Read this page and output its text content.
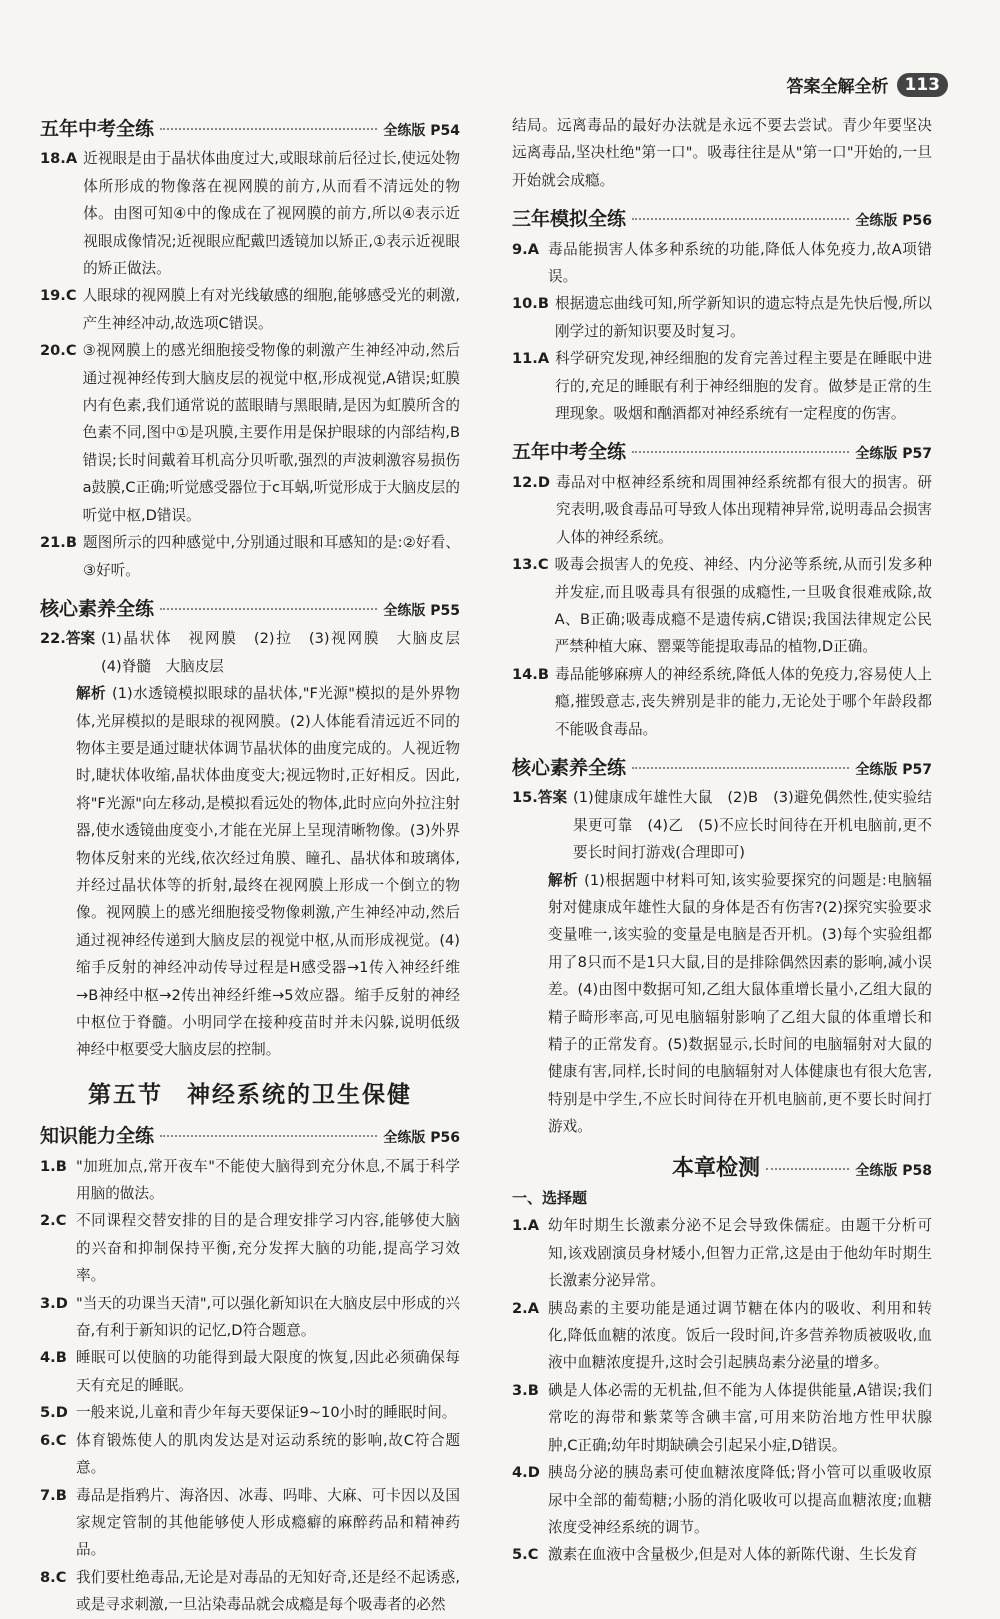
答案全解全析 113
五年中考全练	全练版 P54
18.A 近视眼是由于晶状体曲度过大,或眼球前后径过长,使远处物体所形成的物像落在视网膜的前方,从而看不清远处的物体。由图可知④中的像成在了视网膜的前方,所以④表示近视眼成像情况;近视眼应配戴凹透镜加以矫正,①表示近视眼的矫正做法。
19.C 人眼球的视网膜上有对光线敏感的细胞,能够感受光的刺激,产生神经冲动,故选项C错误。
20.C ③视网膜上的感光细胞接受物像的刺激产生神经冲动,然后通过视神经传到大脑皮层的视觉中枢,形成视觉,A错误;虹膜内有色素,我们通常说的蓝眼睛与黑眼睛,是因为虹膜所含的色素不同,图中①是巩膜,主要作用是保护眼球的内部结构,B错误;长时间戴着耳机高分贝听歌,强烈的声波刺激容易损伤a鼓膜,C正确;听觉感受器位于c耳蜗,听觉形成于大脑皮层的听觉中枢,D错误。
21.B 题图所示的四种感觉中,分别通过眼和耳感知的是:②好看、③好听。
核心素养全练	全练版 P55
22.答案 (1)晶状体　视网膜　(2)拉　(3)视网膜　大脑皮层　(4)脊髓　大脑皮层
解析 (1)水透镜模拟眼球的晶状体,"F光源"模拟的是外界物体,光屏模拟的是眼球的视网膜。(2)人体能看清远近不同的物体主要是通过睫状体调节晶状体的曲度完成的。人视近物时,睫状体收缩,晶状体曲度变大;视远物时,正好相反。因此,将"F光源"向左移动,是模拟看远处的物体,此时应向外拉注射器,使水透镜曲度变小,才能在光屏上呈现清晰物像。(3)外界物体反射来的光线,依次经过角膜、瞳孔、晶状体和玻璃体,并经过晶状体等的折射,最终在视网膜上形成一个倒立的物像。视网膜上的感光细胞接受物像刺激,产生神经冲动,然后通过视神经传递到大脑皮层的视觉中枢,从而形成视觉。(4)缩手反射的神经冲动传导过程是H感受器→1传入神经纤维→B神经中枢→2传出神经纤维→5效应器。缩手反射的神经中枢位于脊髓。小明同学在接种疫苗时并未闪躲,说明低级神经中枢要受大脑皮层的控制。
第五节 神经系统的卫生保健
知识能力全练	全练版 P56
1.B "加班加点,常开夜车"不能使大脑得到充分休息,不属于科学用脑的做法。
2.C 不同课程交替安排的目的是合理安排学习内容,能够使大脑的兴奋和抑制保持平衡,充分发挥大脑的功能,提高学习效率。
3.D "当天的功课当天清",可以强化新知识在大脑皮层中形成的兴奋,有利于新知识的记忆,D符合题意。
4.B 睡眠可以使脑的功能得到最大限度的恢复,因此必须确保每天有充足的睡眠。
5.D 一般来说,儿童和青少年每天要保证9~10小时的睡眠时间。
6.C 体育锻炼使人的肌肉发达是对运动系统的影响,故C符合题意。
7.B 毒品是指鸦片、海洛因、冰毒、吗啡、大麻、可卡因以及国家规定管制的其他能够使人形成瘾癖的麻醉药品和精神药品。
8.C 我们要杜绝毒品,无论是对毒品的无知好奇,还是经不起诱惑,或是寻求刺激,一旦沾染毒品就会成瘾是每个吸毒者的必然
结局。远离毒品的最好办法就是永远不要去尝试。青少年要坚决远离毒品,坚决杜绝"第一口"。吸毒往往是从"第一口"开始的,一旦开始就会成瘾。
三年模拟全练	全练版 P56
9.A 毒品能损害人体多种系统的功能,降低人体免疫力,故A项错误。
10.B 根据遗忘曲线可知,所学新知识的遗忘特点是先快后慢,所以刚学过的新知识要及时复习。
11.A 科学研究发现,神经细胞的发育完善过程主要是在睡眠中进行的,充足的睡眠有利于神经细胞的发育。做梦是正常的生理现象。吸烟和酗酒都对神经系统有一定程度的伤害。
五年中考全练	全练版 P57
12.D 毒品对中枢神经系统和周围神经系统都有很大的损害。研究表明,吸食毒品可导致人体出现精神异常,说明毒品会损害人体的神经系统。
13.C 吸毒会损害人的免疫、神经、内分泌等系统,从而引发多种并发症,而且吸毒具有很强的成瘾性,一旦吸食很难戒除,故A、B正确;吸毒成瘾不是遗传病,C错误;我国法律规定公民严禁种植大麻、罂粟等能提取毒品的植物,D正确。
14.B 毒品能够麻痹人的神经系统,降低人体的免疫力,容易使人上瘾,摧毁意志,丧失辨别是非的能力,无论处于哪个年龄段都不能吸食毒品。
核心素养全练	全练版 P57
15.答案 (1)健康成年雄性大鼠　(2)B　(3)避免偶然性,使实验结果更可靠　(4)乙　(5)不应长时间待在开机电脑前,更不要长时间打游戏(合理即可)
解析 (1)根据题中材料可知,该实验要探究的问题是:电脑辐射对健康成年雄性大鼠的身体是否有伤害?(2)探究实验要求变量唯一,该实验的变量是电脑是否开机。(3)每个实验组都用了8只而不是1只大鼠,目的是排除偶然因素的影响,减小误差。(4)由图中数据可知,乙组大鼠体重增长量小,乙组大鼠的精子畸形率高,可见电脑辐射影响了乙组大鼠的体重增长和精子的正常发育。(5)数据显示,长时间的电脑辐射对大鼠的健康有害,同样,长时间的电脑辐射对人体健康也有很大危害,特别是中学生,不应长时间待在开机电脑前,更不要长时间打游戏。
本章检测	全练版 P58
一、选择题
1.A 幼年时期生长激素分泌不足会导致侏儒症。由题干分析可知,该戏剧演员身材矮小,但智力正常,这是由于他幼年时期生长激素分泌异常。
2.A 胰岛素的主要功能是通过调节糖在体内的吸收、利用和转化,降低血糖的浓度。饭后一段时间,许多营养物质被吸收,血液中血糖浓度提升,这时会引起胰岛素分泌量的增多。
3.B 碘是人体必需的无机盐,但不能为人体提供能量,A错误;我们常吃的海带和紫菜等含碘丰富,可用来防治地方性甲状腺肿,C正确;幼年时期缺碘会引起呆小症,D错误。
4.D 胰岛分泌的胰岛素可使血糖浓度降低;肾小管可以重吸收原尿中全部的葡萄糖;小肠的消化吸收可以提高血糖浓度;血糖浓度受神经系统的调节。
5.C 激素在血液中含量极少,但是对人体的新陈代谢、生长发育
